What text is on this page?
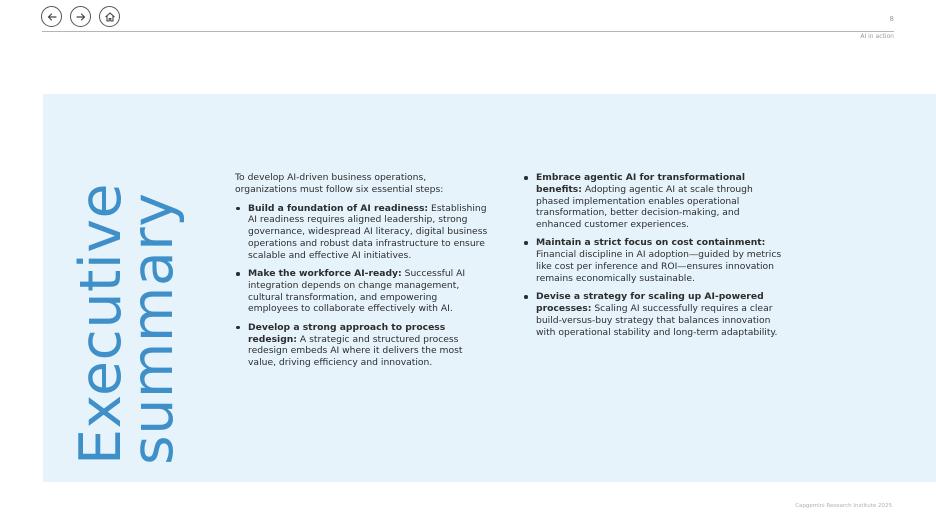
8
AI in action
Executive
summary

To develop AI-driven business operations, organizations must follow six essential steps:

Build a foundation of AI readiness: Establishing AI readiness requires aligned leadership, strong governance, widespread AI literacy, digital business operations and robust data infrastructure to ensure scalable and effective AI initiatives.
Make the workforce AI-ready: Successful AI integration depends on change management, cultural transformation, and empowering employees to collaborate effectively with AI.
Develop a strong approach to process redesign: A strategic and structured process redesign embeds AI where it delivers the most value, driving efficiency and innovation.
Embrace agentic AI for transformational benefits: Adopting agentic AI at scale through phased implementation enables operational transformation, better decision-making, and enhanced customer experiences.
Maintain a strict focus on cost containment: Financial discipline in AI adoption—guided by metrics like cost per inference and ROI—ensures innovation remains economically sustainable.
Devise a strategy for scaling up AI-powered processes: Scaling AI successfully requires a clear build-versus-buy strategy that balances innovation with operational stability and long-term adaptability.
Capgemini Research Institute 2025
